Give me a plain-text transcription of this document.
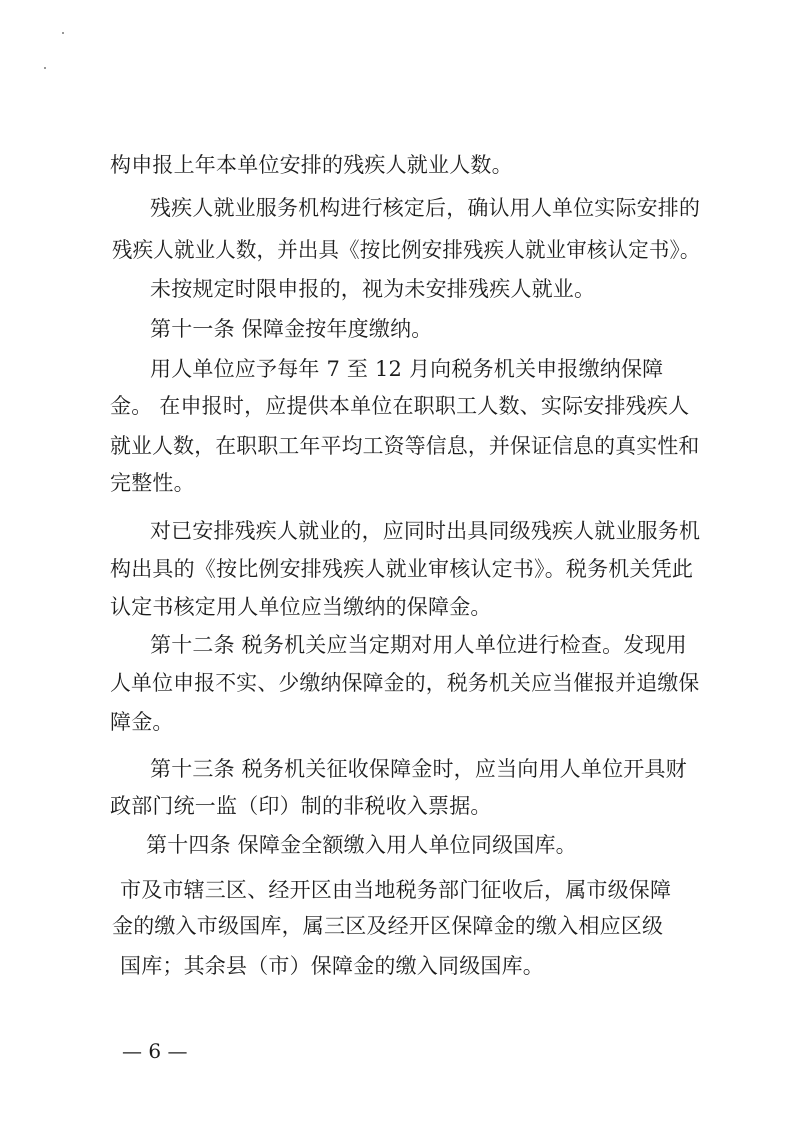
构申报上年本单位安排的残疾人就业人数。
残疾人就业服务机构进行核定后，确认用人单位实际安排的
残疾人就业人数，并出具《按比例安排残疾人就业审核认定书》。
未按规定时限申报的，视为未安排残疾人就业。
第十一条 保障金按年度缴纳。
用人单位应予每年 7 至 12 月向税务机关申报缴纳保障
金。 在申报时，应提供本单位在职职工人数、实际安排残疾人
就业人数，在职职工年平均工资等信息，并保证信息的真实性和
完整性。
对已安排残疾人就业的，应同时出具同级残疾人就业服务机
构出具的《按比例安排残疾人就业审核认定书》。税务机关凭此
认定书核定用人单位应当缴纳的保障金。
第十二条 税务机关应当定期对用人单位进行检查。发现用
人单位申报不实、少缴纳保障金的，税务机关应当催报并追缴保
障金。
第十三条 税务机关征收保障金时，应当向用人单位开具财
政部门统一监（印）制的非税收入票据。
第十四条 保障金全额缴入用人单位同级国库。
市及市辖三区、经开区由当地税务部门征收后，属市级保障
金的缴入市级国库，属三区及经开区保障金的缴入相应区级
国库；其余县（市）保障金的缴入同级国库。
— 6 —
